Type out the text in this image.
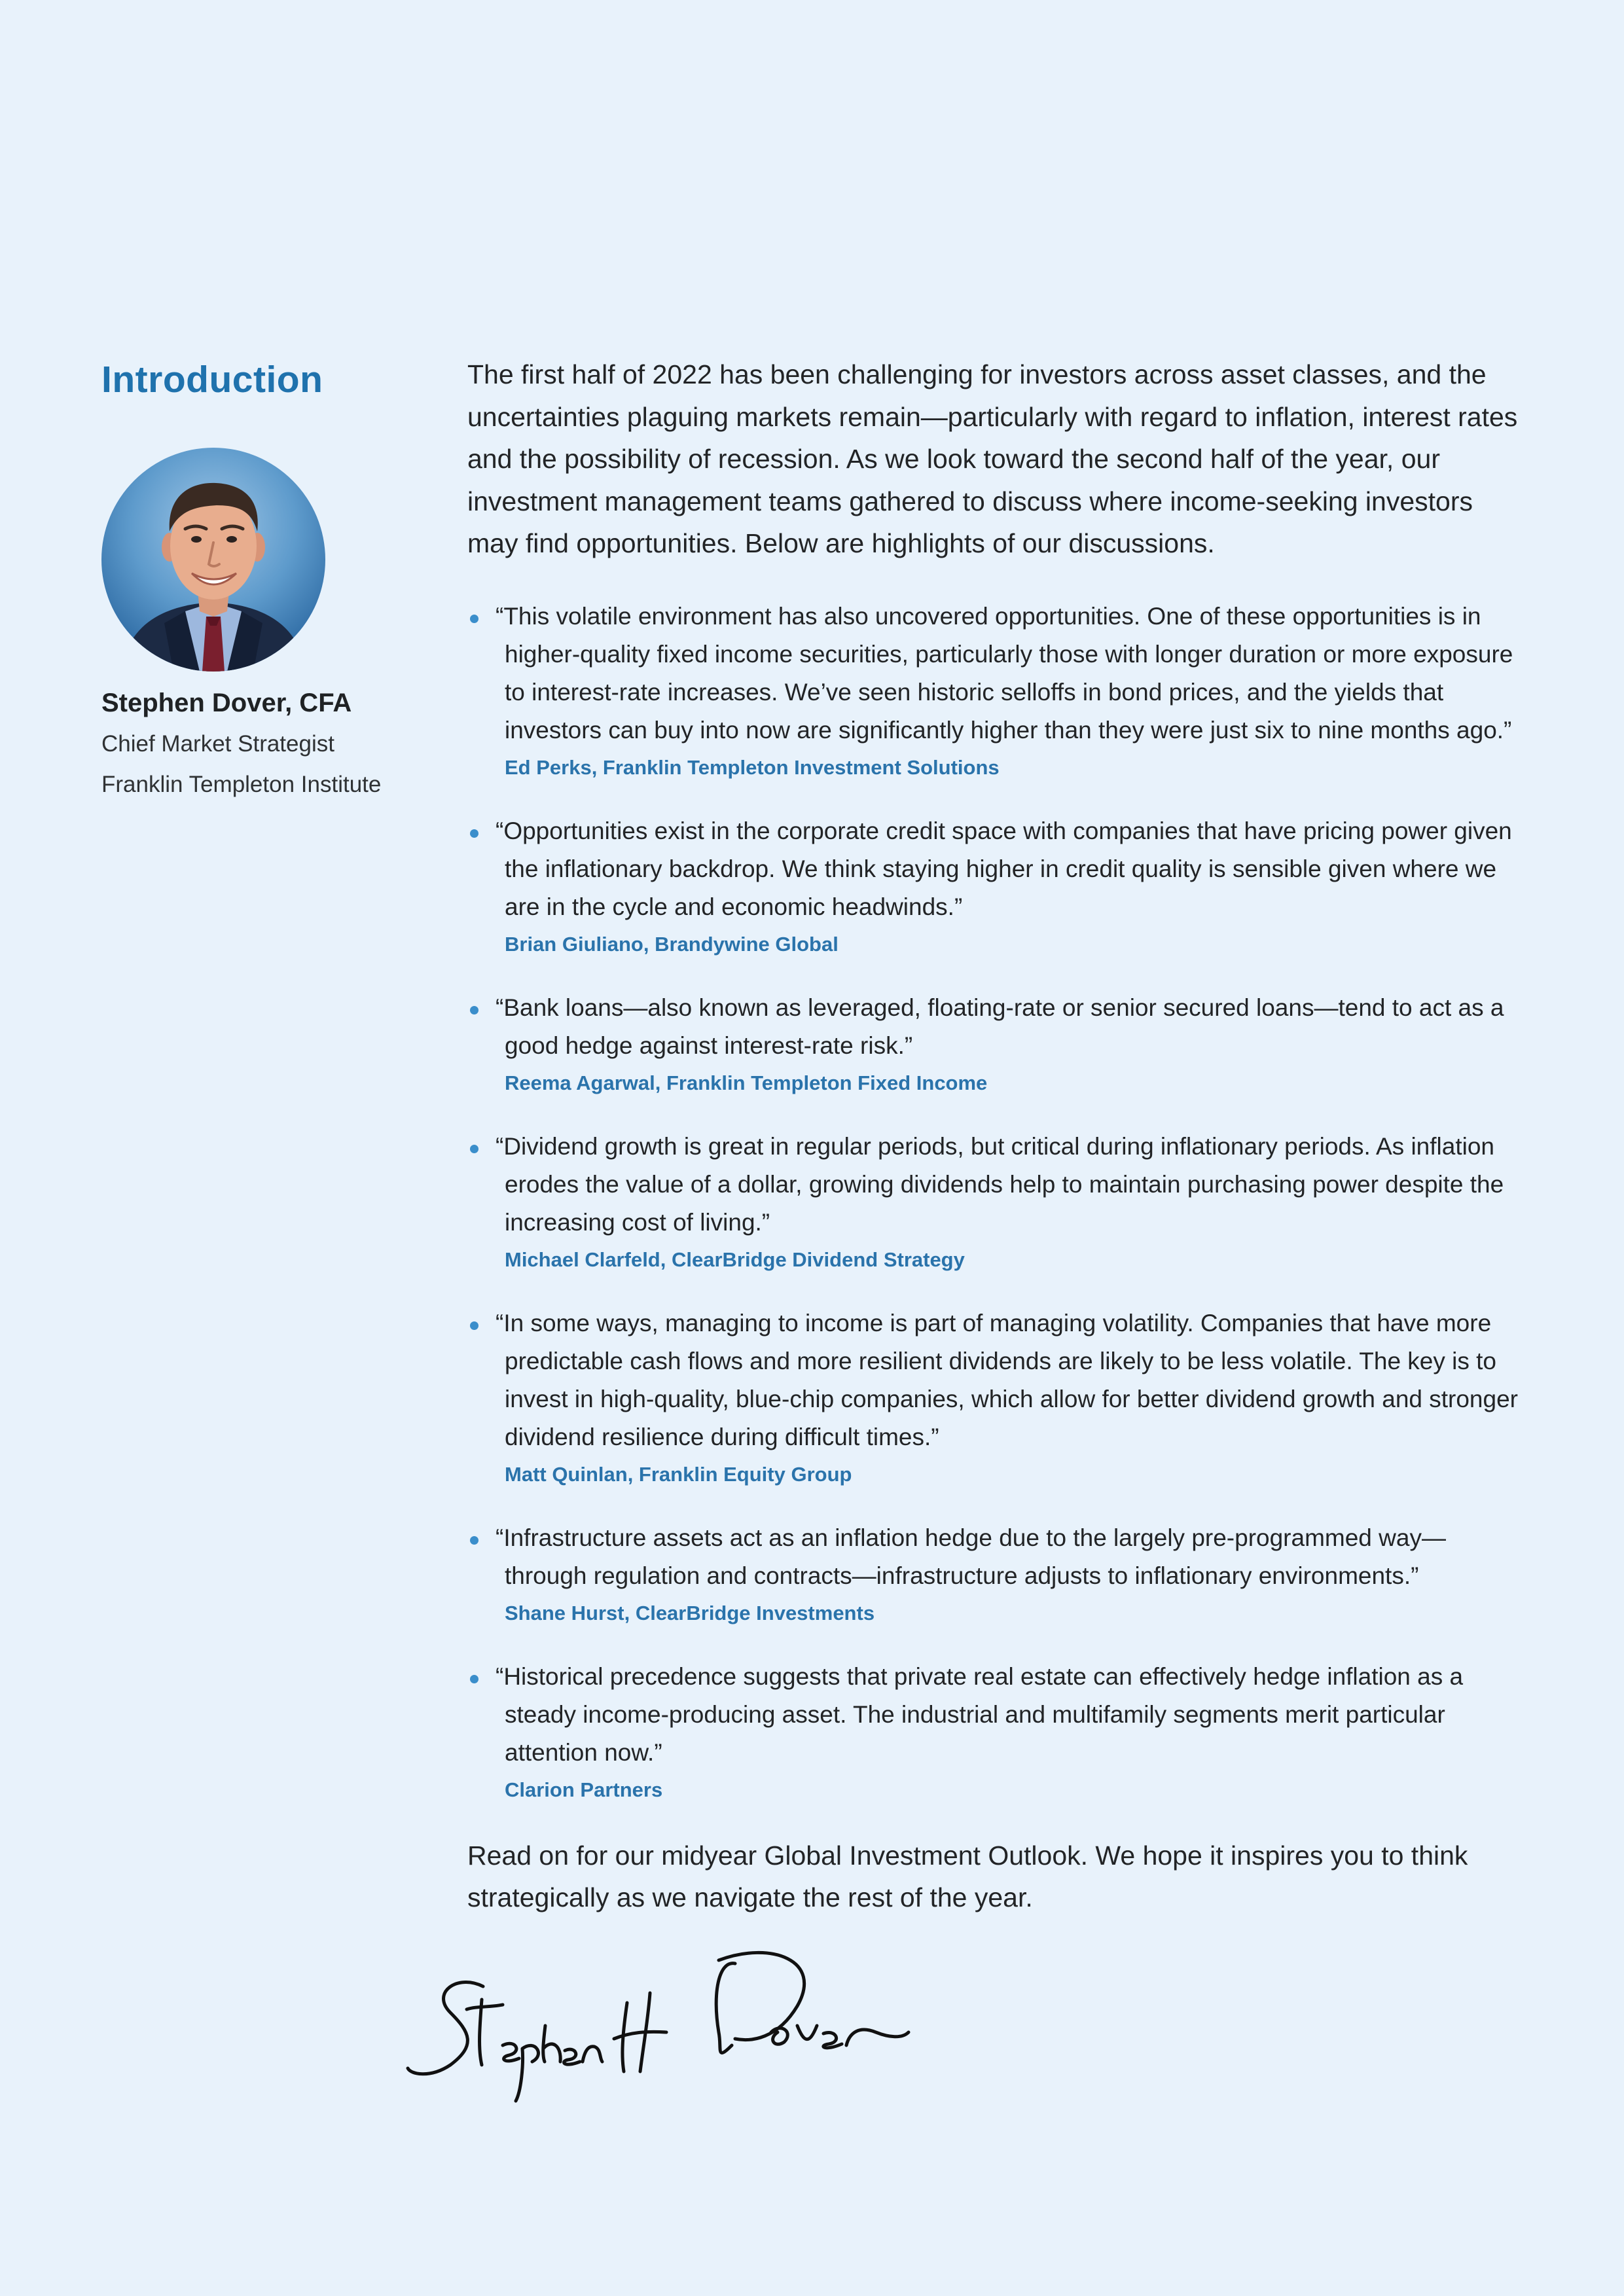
Introduction

Stephen Dover, CFA

Chief Market Strategist
Franklin Templeton Institute

The first half of 2022 has been challenging for investors across asset classes, and the uncertainties plaguing markets remain—particularly with regard to inflation, interest rates and the possibility of recession. As we look toward the second half of the year, our investment management teams gathered to discuss where income-seeking investors may find opportunities. Below are highlights of our discussions.

“This volatile environment has also uncovered opportunities. One of these opportunities is in higher-quality fixed income securities, particularly those with longer duration or more exposure to interest-rate increases. We’ve seen historic selloffs in bond prices, and the yields that investors can buy into now are significantly higher than they were just six to nine months ago.”

Ed Perks, Franklin Templeton Investment Solutions

“Opportunities exist in the corporate credit space with companies that have pricing power given the inflationary backdrop. We think staying higher in credit quality is sensible given where we are in the cycle and economic headwinds.”

Brian Giuliano, Brandywine Global

“Bank loans—also known as leveraged, floating-rate or senior secured loans—tend to act as a good hedge against interest-rate risk.”

Reema Agarwal, Franklin Templeton Fixed Income

“Dividend growth is great in regular periods, but critical during inflationary periods. As inflation erodes the value of a dollar, growing dividends help to maintain purchasing power despite the increasing cost of living.”

Michael Clarfeld, ClearBridge Dividend Strategy

“In some ways, managing to income is part of managing volatility. Companies that have more predictable cash flows and more resilient dividends are likely to be less volatile. The key is to invest in high-quality, blue-chip companies, which allow for better dividend growth and stronger dividend resilience during difficult times.”

Matt Quinlan, Franklin Equity Group

“Infrastructure assets act as an inflation hedge due to the largely pre-programmed way—through regulation and contracts—infrastructure adjusts to inflationary environments.”

Shane Hurst, ClearBridge Investments

“Historical precedence suggests that private real estate can effectively hedge inflation as a steady income-producing asset. The industrial and multifamily segments merit particular attention now.”

Clarion Partners

Read on for our midyear Global Investment Outlook. We hope it inspires you to think strategically as we navigate the rest of the year.
